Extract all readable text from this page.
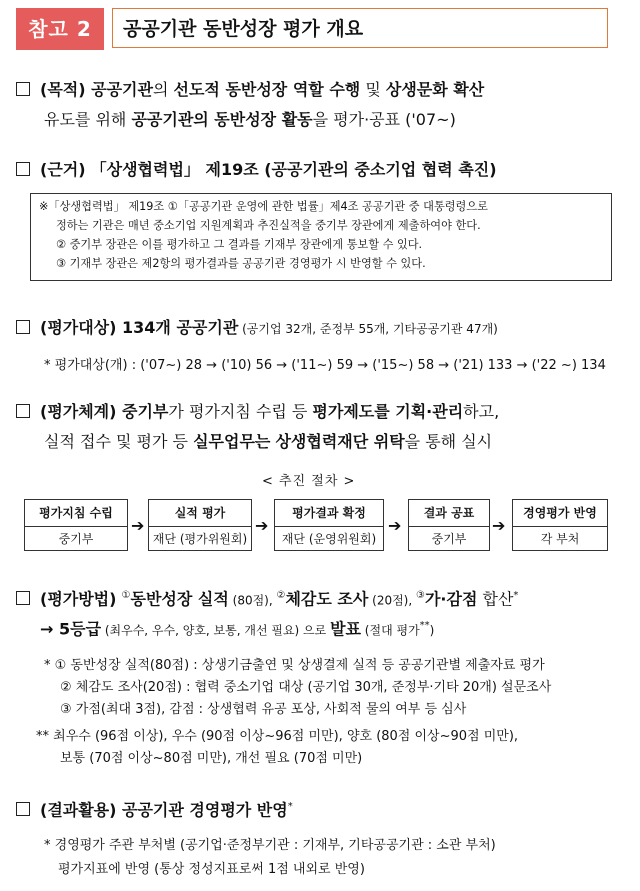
참고 2	공공기관 동반성장 평가 개요
(목적) 공공기관의 선도적 동반성장 역할 수행 및 상생문화 확산
유도를 위해 공공기관의 동반성장 활동을 평가·공표 ('07~)
(근거) 「상생협력법」 제19조 (공공기관의 중소기업 협력 촉진)
※「상생협력법」 제19조 ①「공공기관 운영에 관한 법률」제4조 공공기관 중 대통령령으로
정하는 기관은 매년 중소기업 지원계획과 추진실적을 중기부 장관에게 제출하여야 한다.
② 중기부 장관은 이를 평가하고 그 결과를 기재부 장관에게 통보할 수 있다.
③ 기재부 장관은 제2항의 평가결과를 공공기관 경영평가 시 반영할 수 있다.
(평가대상) 134개 공공기관 (공기업 32개, 준정부 55개, 기타공공기관 47개)
* 평가대상(개) : ('07~) 28 → ('10) 56 → ('11~) 59 → ('15~) 58 → ('21) 133 → ('22 ~) 134
(평가체계) 중기부가 평가지침 수립 등 평가제도를 기획·관리하고,
실적 접수 및 평가 등 실무업무는 상생협력재단 위탁을 통해 실시
< 추진 절차 >
평가지침 수립
중기부
➔
실적 평가
재단 (평가위원회)
➔
평가결과 확정
재단 (운영위원회)
➔
결과 공표
중기부
➔
경영평가 반영
각 부처
(평가방법) ①동반성장 실적 (80점), ②체감도 조사 (20점), ③가·감점 합산*
→ 5등급 (최우수, 우수, 양호, 보통, 개선 필요) 으로 발표 (절대 평가**)
* ① 동반성장 실적(80점) : 상생기금출연 및 상생결제 실적 등 공공기관별 제출자료 평가
② 체감도 조사(20점) : 협력 중소기업 대상 (공기업 30개, 준정부·기타 20개) 설문조사
③ 가점(최대 3점), 감점 : 상생협력 유공 포상, 사회적 물의 여부 등 심사
** 최우수 (96점 이상), 우수 (90점 이상~96점 미만), 양호 (80점 이상~90점 미만),
보통 (70점 이상~80점 미만), 개선 필요 (70점 미만)
(결과활용) 공공기관 경영평가 반영*
* 경영평가 주관 부처별 (공기업·준정부기관 : 기재부, 기타공공기관 : 소관 부처)
평가지표에 반영 (통상 정성지표로써 1점 내외로 반영)
